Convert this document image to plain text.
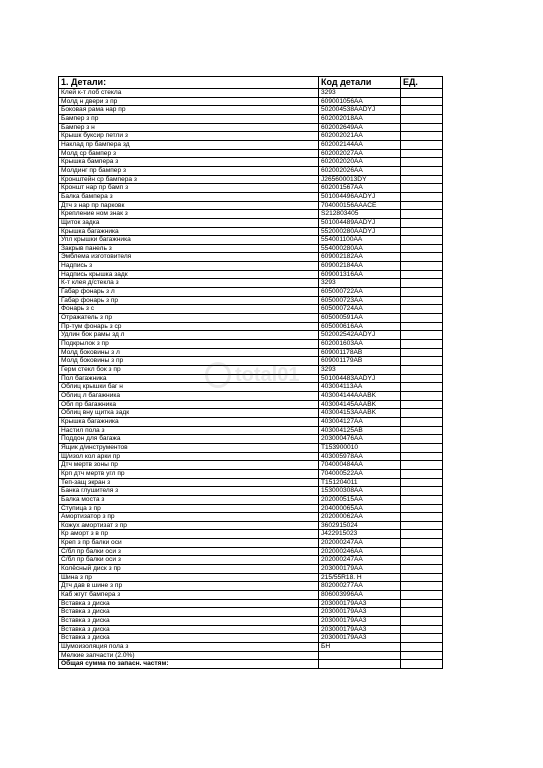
1. Детали:	Код детали	ЕД.
Клей к-т лоб стекла	3293	
Молд н двери з пр	609001056AA	
Боковая рама нар пр	502004538AADYJ	
Бампер з пр	602002018AA	
Бампер з н	602002649AA	
Крышк буксир петли з	602002021AA	
Наклад пр бампера зд	602002144AA	
Молд ср бампер з	602002027AA	
Крышка бампера з	602002020AA	
Молдинг пр бампер з	602002026AA	
Кронштейн ср бампера з	J265600013DY	
Кроншт нар пр бамп з	602001567AA	
Балка бампера з	501004496AADYJ	
Дтч з нар пр парковк	704000156AAACE	
Крепление ном знак з	S212803405	
Щиток задка	501004489AADYJ	
Крышка багажника	552000280AADYJ	
Упл крышки багажника	554001100AA	
Закрыв панель з	554000280AA	
Эмблема изготовителя	609002182AA	
Надпись з	609002184AA	
Надпись крышка задк	609001316AA	
К-т клея д/стекла з	3293	
Габар фонарь з л	605000722AA	
Габар фонарь з пр	605000723AA	
Фонарь з с	605000724AA	
Отражатель з пр	605000591AA	
Пр-тум фонарь з ср	605000616AA	
Удлин бок рамы зд л	502002542AADYJ	
Подкрылок з пр	602001603AA	
Молд боковины з л	609001178AB	
Молд боковины з пр	609001179AB	
Герм стекл бок з пр	3293	
Пол багажника	501004483AADYJ	
Облиц крышки баг н	403004113AA	
Облиц л багажника	403004144AAABK	
Обл пр багажника	403004145AAABK	
Облиц вну щитка задк	403004153AAABK	
Крышка багажника	403004127AA	
Настил пола з	403004125AB	
Поддон для багажа	203000476AA	
Ящик д/инструментов	T153900010	
Щ/изол кол арки пр	403005978AA	
Дтч мертв зоны пр	704000484AA	
Крп дтч мертв угл пр	704000522AA	
Теп-защ экран з	T151204011	
Банка глушителя з	153000308AA	
Балка моста з	202000515AA	
Ступица з пр	204000065AA	
Амортизатор з пр	202000062AA	
Кожух амортизат з пр	3602915024	
Кр аморт з в пр	J422915023	
Креп з пр балки оси	202000247AA	
С/бл пр балки оси з	202000246AA	
С/бл пр балки оси з	202000247AA	
Колёсный диск з пр	203000179AA	
Шина з пр	215/55R18. H	
Дтч дав в шине з пр	802000277AA	
Каб жгут бампера з	806003996AA	
Вставка з диска	203000179AA3	
Вставка з диска	203000179AA3	
Вставка з диска	203000179AA3	
Вставка з диска	203000179AA3	
Вставка з диска	203000179AA3	
Шумоизоляция пола з	БН	
Мелкие запчасти (2.0%)		
Общая сумма по запасн. частям:		
total01
